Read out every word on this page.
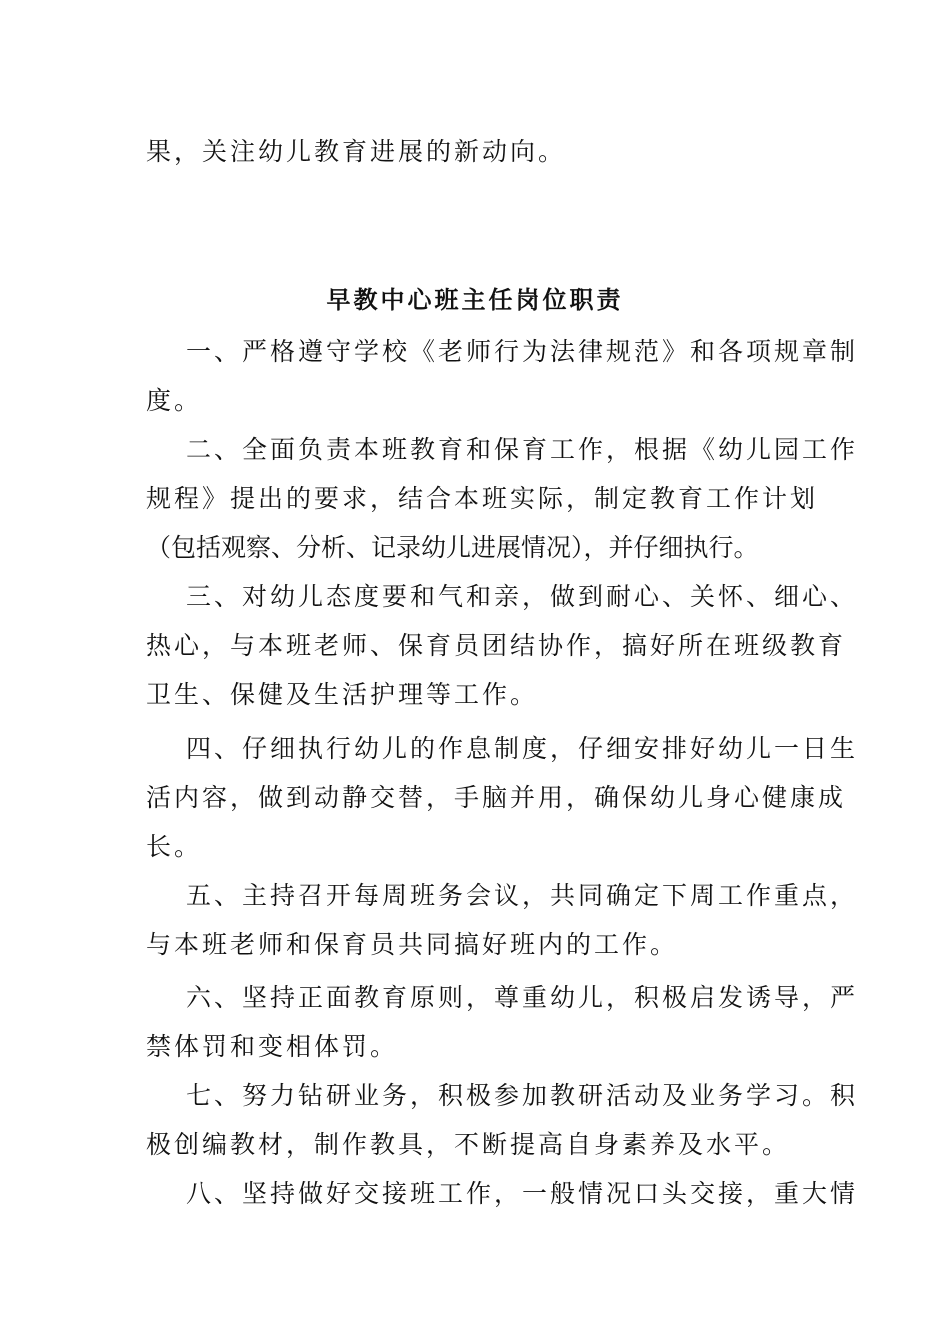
果，关注幼儿教育进展的新动向。
早教中心班主任岗位职责
一、严格遵守学校《老师行为法律规范》和各项规章制
度。
二、全面负责本班教育和保育工作，根据《幼儿园工作
规程》提出的要求，结合本班实际，制定教育工作计划
（包括观察、分析、记录幼儿进展情况），并仔细执行。
三、对幼儿态度要和气和亲，做到耐心、关怀、细心、
热心，与本班老师、保育员团结协作，搞好所在班级教育
卫生、保健及生活护理等工作。
四、仔细执行幼儿的作息制度，仔细安排好幼儿一日生
活内容，做到动静交替，手脑并用，确保幼儿身心健康成
长。
五、主持召开每周班务会议，共同确定下周工作重点，
与本班老师和保育员共同搞好班内的工作。
六、坚持正面教育原则，尊重幼儿，积极启发诱导，严
禁体罚和变相体罚。
七、努力钻研业务，积极参加教研活动及业务学习。积
极创编教材，制作教具，不断提高自身素养及水平。
八、坚持做好交接班工作，一般情况口头交接，重大情
